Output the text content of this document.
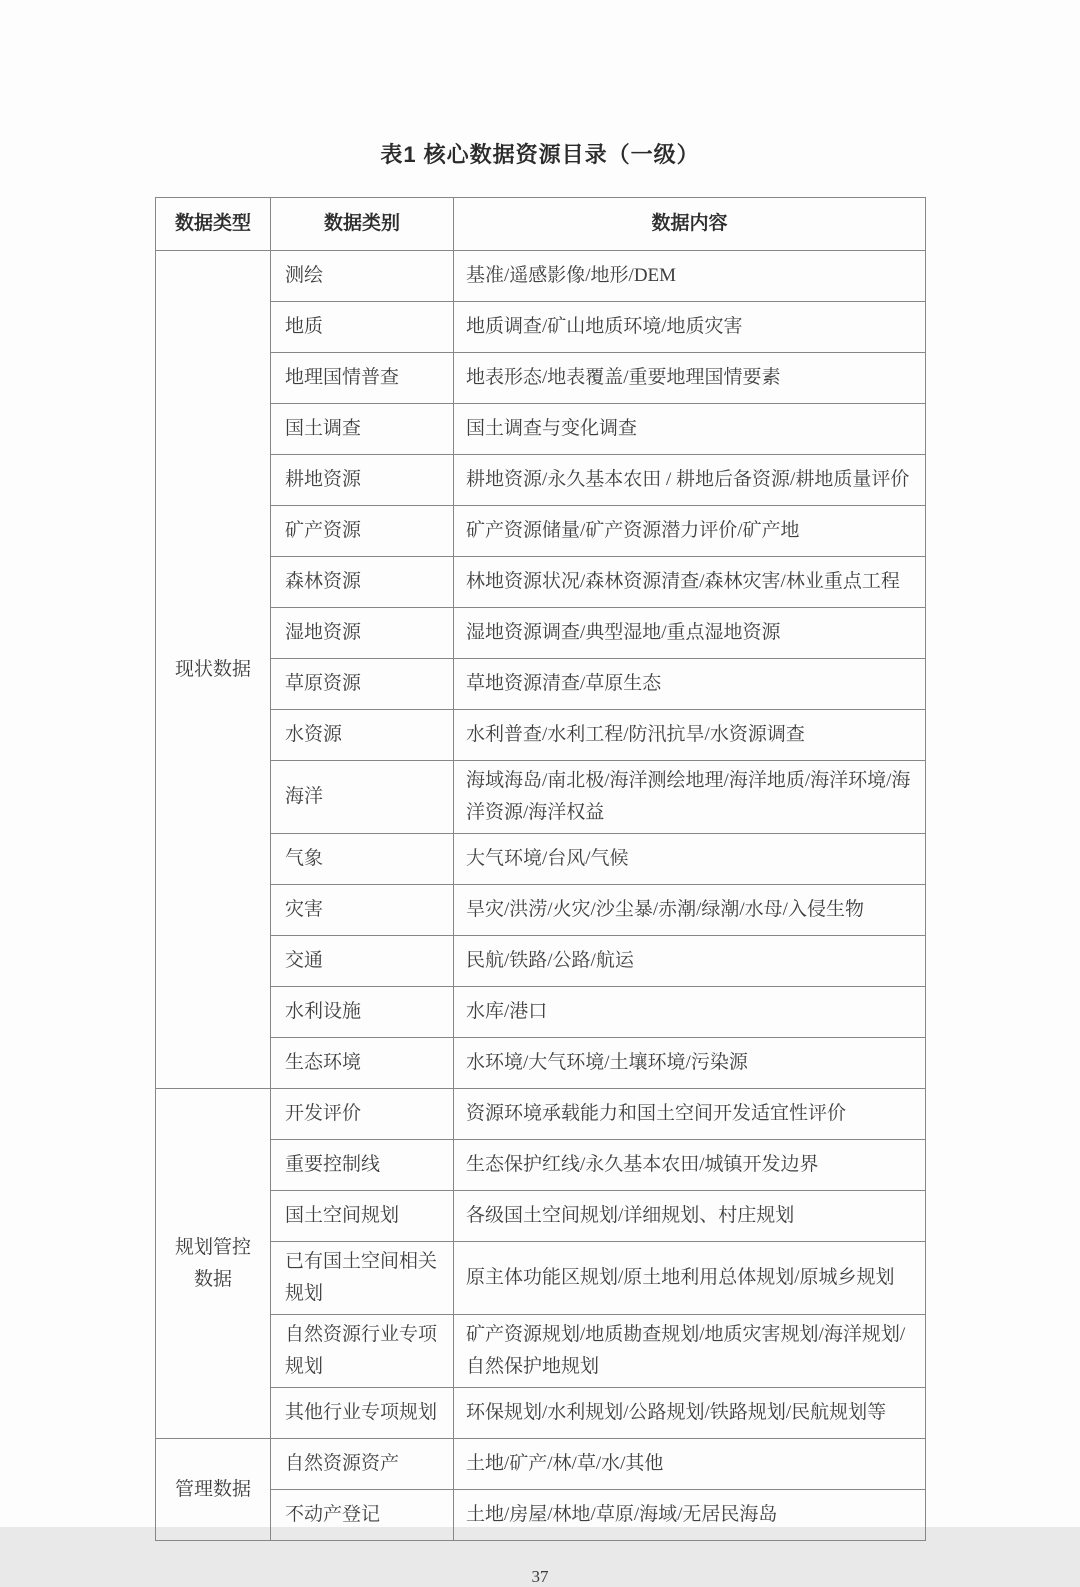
表1 核心数据资源目录（一级）
数据类型	数据类别	数据内容
现状数据	测绘	基准/遥感影像/地形/DEM
	地质	地质调查/矿山地质环境/地质灾害
	地理国情普查	地表形态/地表覆盖/重要地理国情要素
	国土调查	国土调查与变化调查
	耕地资源	耕地资源/永久基本农田 / 耕地后备资源/耕地质量评价
	矿产资源	矿产资源储量/矿产资源潜力评价/矿产地
	森林资源	林地资源状况/森林资源清查/森林灾害/林业重点工程
	湿地资源	湿地资源调查/典型湿地/重点湿地资源
	草原资源	草地资源清查/草原生态
	水资源	水利普查/水利工程/防汛抗旱/水资源调查
	海洋	海域海岛/南北极/海洋测绘地理/海洋地质/海洋环境/海洋资源/海洋权益
	气象	大气环境/台风/气候
	灾害	旱灾/洪涝/火灾/沙尘暴/赤潮/绿潮/水母/入侵生物
	交通	民航/铁路/公路/航运
	水利设施	水库/港口
	生态环境	水环境/大气环境/土壤环境/污染源
规划管控数据	开发评价	资源环境承载能力和国土空间开发适宜性评价
	重要控制线	生态保护红线/永久基本农田/城镇开发边界
	国土空间规划	各级国土空间规划/详细规划、村庄规划
	已有国土空间相关规划	原主体功能区规划/原土地利用总体规划/原城乡规划
	自然资源行业专项规划	矿产资源规划/地质勘查规划/地质灾害规划/海洋规划/自然保护地规划
	其他行业专项规划	环保规划/水利规划/公路规划/铁路规划/民航规划等
管理数据	自然资源资产	土地/矿产/林/草/水/其他
	不动产登记	土地/房屋/林地/草原/海域/无居民海岛
37
